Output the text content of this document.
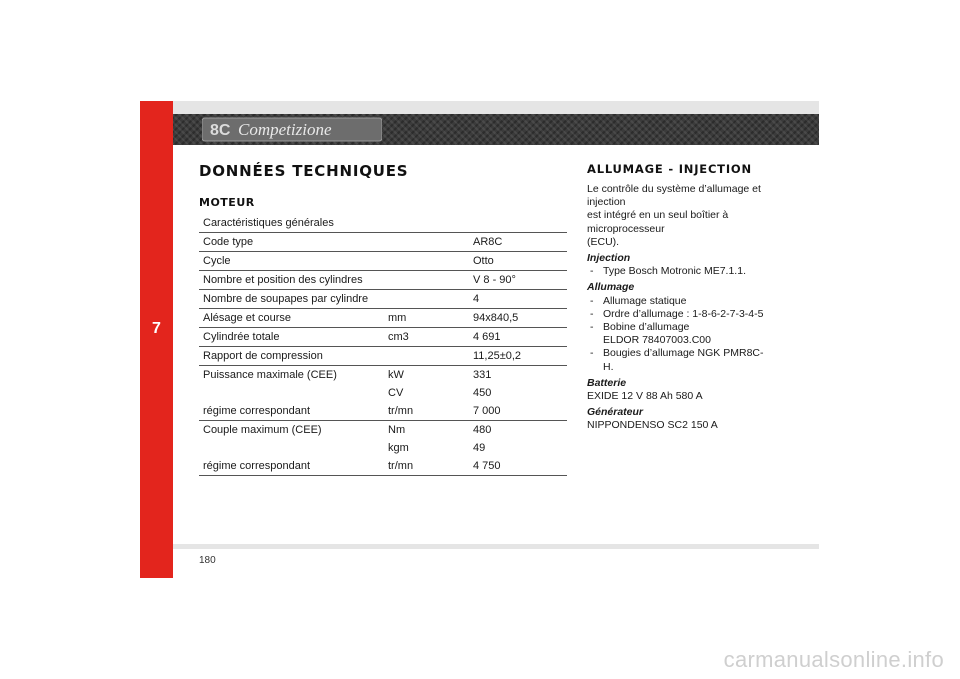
7
8C Competizione
DONNÉES TECHNIQUES
MOTEUR
Caractéristiques générales
Code type	AR8C
Cycle	Otto
Nombre et position des cylindres	V 8 - 90°
Nombre de soupapes par cylindre	4
Alésage et course	mm	94x840,5
Cylindrée totale	cm3	4 691
Rapport de compression	11,25±0,2
Puissance maximale (CEE)	kW	331
CV	450
régime correspondant	tr/mn	7 000
Couple maximum (CEE)	Nm	480
kgm	49
régime correspondant	tr/mn	4 750
ALLUMAGE - INJECTION

Le contrôle du système d’allumage et injection

est intégré en un seul boîtier à microprocesseur

(ECU).

Injection

- Type Bosch Motronic ME7.1.1.

Allumage

- Allumage statique

- Ordre d’allumage : 1-8-6-2-7-3-4-5

- Bobine d’allumage

ELDOR 78407003.C00

- Bougies d’allumage NGK PMR8C-H.

Batterie

EXIDE 12 V 88 Ah 580 A

Générateur

NIPPONDENSO SC2 150 A

180
carmanualsonline.info
